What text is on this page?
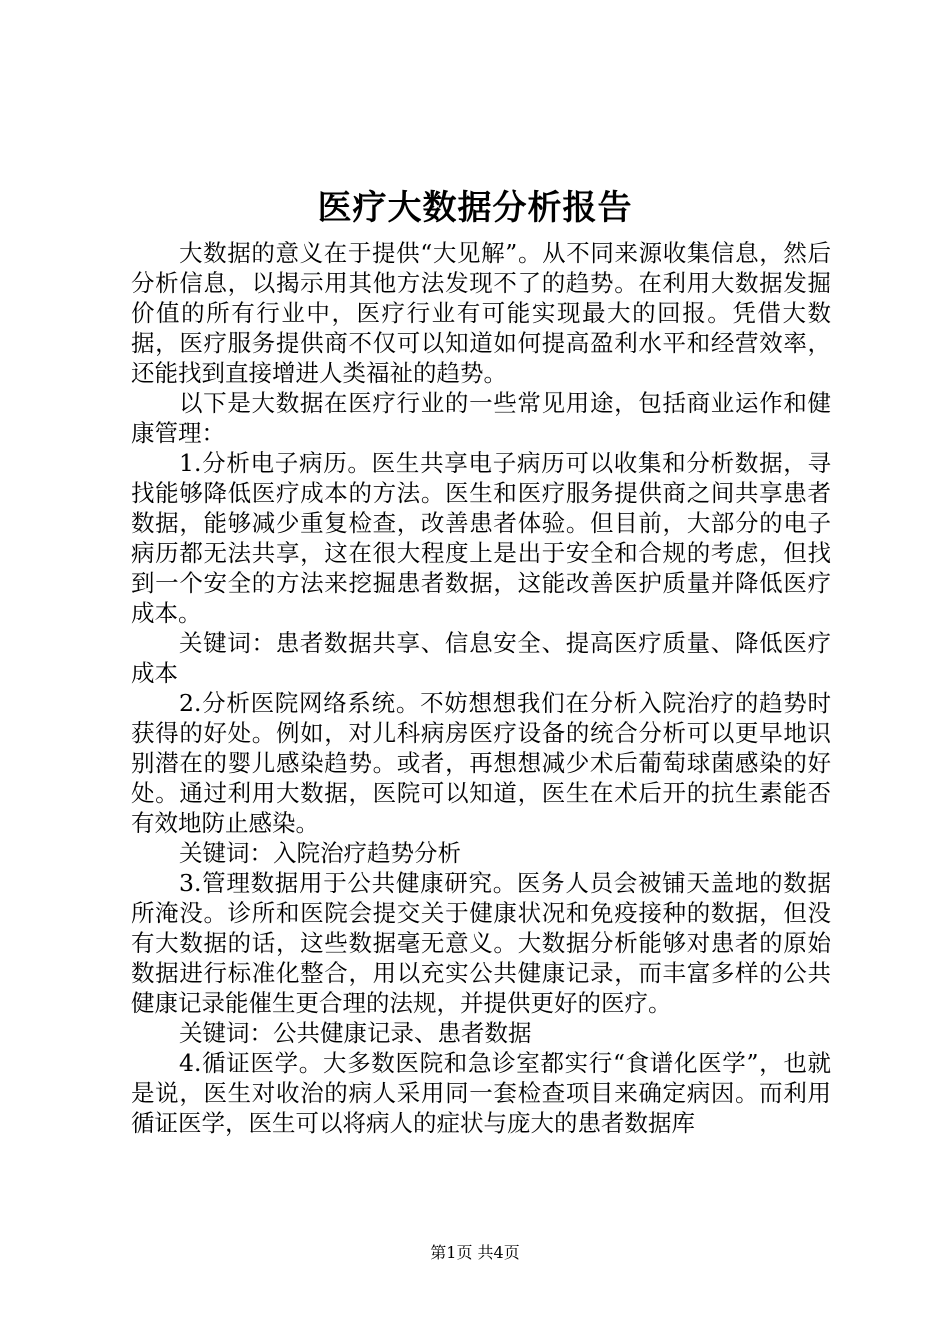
医疗大数据分析报告

大数据的意义在于提供“大见解”。从不同来源收集信息，然后分析信息，以揭示用其他方法发现不了的趋势。在利用大数据发掘价值的所有行业中，医疗行业有可能实现最大的回报。凭借大数据，医疗服务提供商不仅可以知道如何提高盈利水平和经营效率，还能找到直接增进人类福祉的趋势。

以下是大数据在医疗行业的一些常见用途，包括商业运作和健康管理：

1.分析电子病历。医生共享电子病历可以收集和分析数据，寻找能够降低医疗成本的方法。医生和医疗服务提供商之间共享患者数据，能够减少重复检查，改善患者体验。但目前，大部分的电子病历都无法共享，这在很大程度上是出于安全和合规的考虑，但找到一个安全的方法来挖掘患者数据，这能改善医护质量并降低医疗成本。

关键词：患者数据共享、信息安全、提高医疗质量、降低医疗成本

2.分析医院网络系统。不妨想想我们在分析入院治疗的趋势时获得的好处。例如，对儿科病房医疗设备的统合分析可以更早地识别潜在的婴儿感染趋势。或者，再想想减少术后葡萄球菌感染的好处。通过利用大数据，医院可以知道，医生在术后开的抗生素能否有效地防止感染。

关键词：入院治疗趋势分析

3.管理数据用于公共健康研究。医务人员会被铺天盖地的数据所淹没。诊所和医院会提交关于健康状况和免疫接种的数据，但没有大数据的话，这些数据毫无意义。大数据分析能够对患者的原始数据进行标准化整合，用以充实公共健康记录，而丰富多样的公共健康记录能催生更合理的法规，并提供更好的医疗。

关键词：公共健康记录、患者数据

4.循证医学。大多数医院和急诊室都实行“食谱化医学”，也就是说，医生对收治的病人采用同一套检查项目来确定病因。而利用循证医学，医生可以将病人的症状与庞大的患者数据库

第1页 共4页
